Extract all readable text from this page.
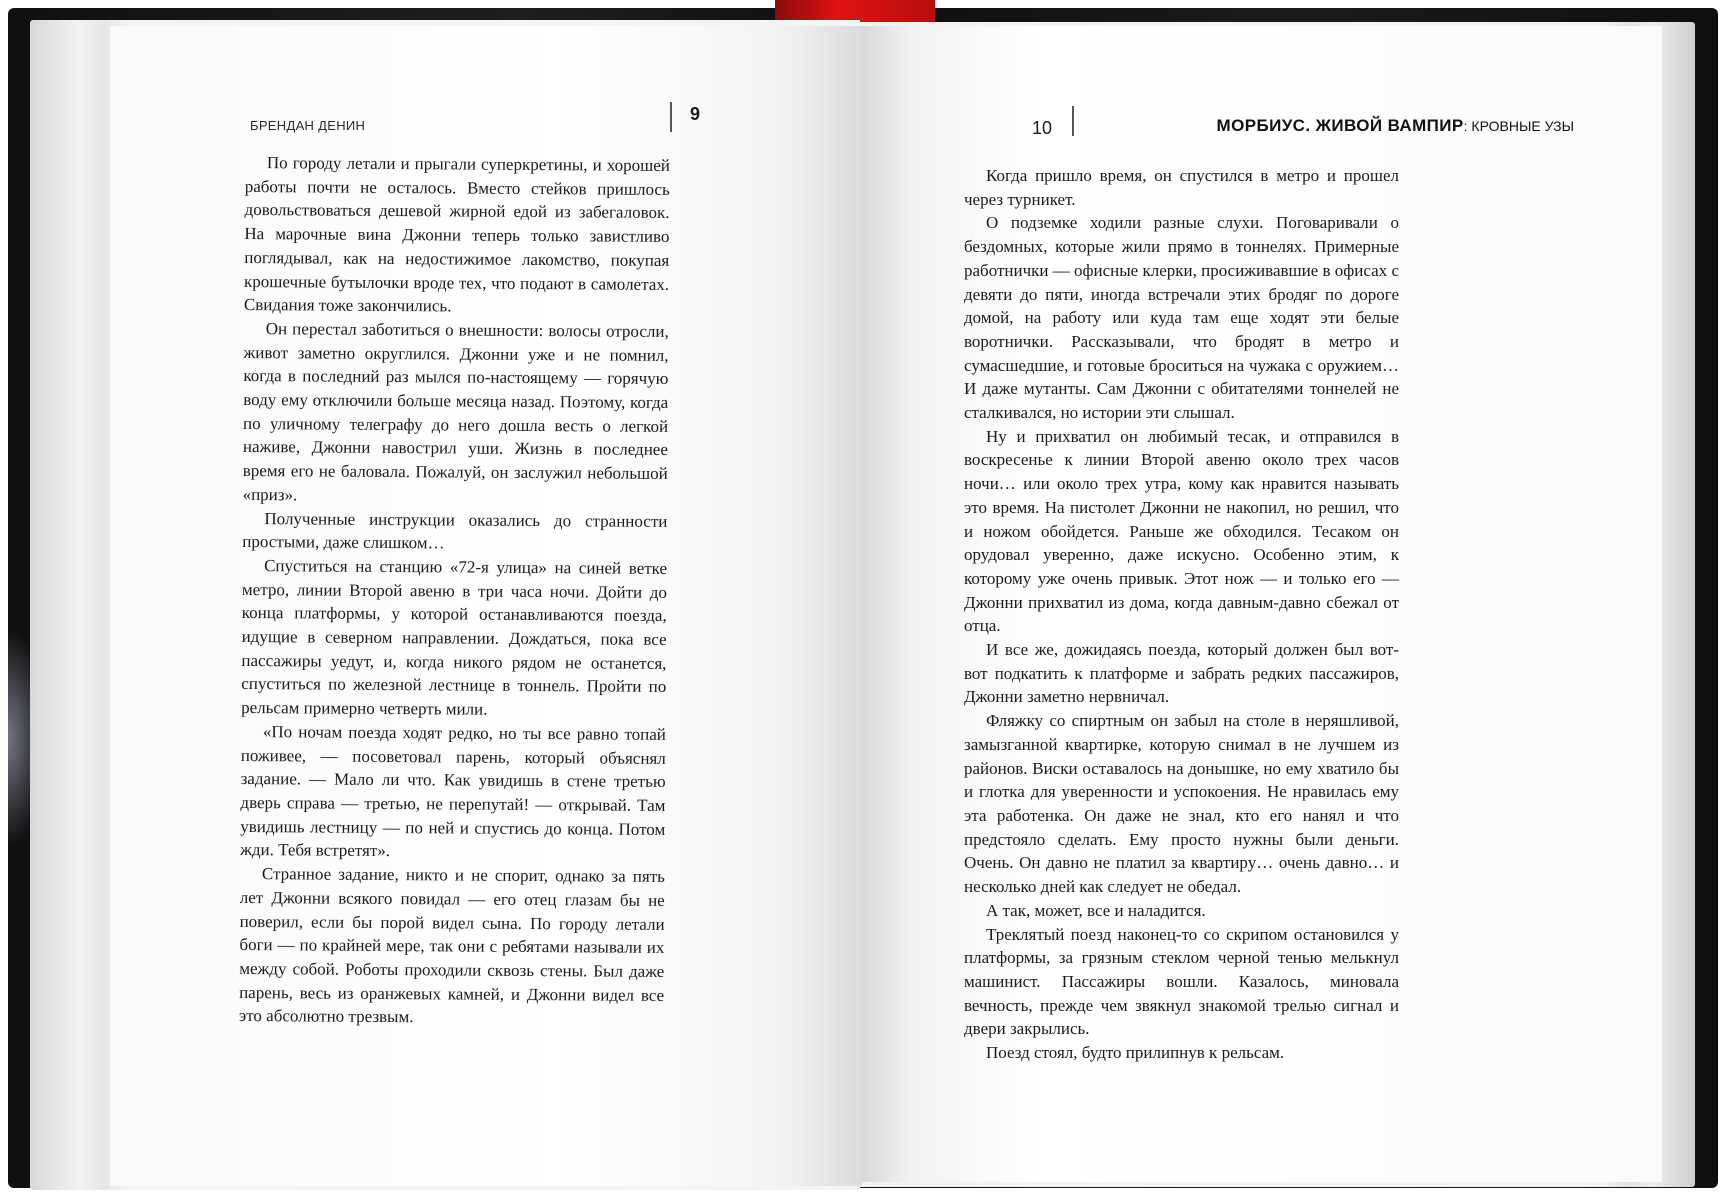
БРЕНДАН ДЕНИН
9

По городу летали и прыгали суперкретины, и хорошей работы почти не осталось. Вместо стейков пришлось довольствоваться дешевой жирной едой из забегаловок. На марочные вина Джонни теперь только завистливо поглядывал, как на недостижимое лакомство, покупая крошечные бутылочки вроде тех, что подают в самолетах. Свидания тоже закончились.

Он перестал заботиться о внешности: волосы отросли, живот заметно округлился. Джонни уже и не помнил, когда в последний раз мылся по-настоящему — горячую воду ему отключили больше месяца назад. Поэтому, когда по уличному телеграфу до него дошла весть о легкой наживе, Джонни навострил уши. Жизнь в последнее время его не баловала. Пожалуй, он заслужил небольшой «приз».

Полученные инструкции оказались до странности простыми, даже слишком…

Спуститься на станцию «72-я улица» на синей ветке метро, линии Второй авеню в три часа ночи. Дойти до конца платформы, у которой останавливаются поезда, идущие в северном направлении. Дождаться, пока все пассажиры уедут, и, когда никого рядом не останется, спуститься по железной лестнице в тоннель. Пройти по рельсам примерно четверть мили.

«По ночам поезда ходят редко, но ты все равно топай поживее, — посоветовал парень, который объяснял задание. — Мало ли что. Как увидишь в стене третью дверь справа — третью, не перепутай! — открывай. Там увидишь лестницу — по ней и спустись до конца. Потом жди. Тебя встретят».

Странное задание, никто и не спорит, однако за пять лет Джонни всякого повидал — его отец глазам бы не поверил, если бы порой видел сына. По городу летали боги — по крайней мере, так они с ребятами называли их между собой. Роботы проходили сквозь стены. Был даже парень, весь из оранжевых камней, и Джонни видел все это абсолютно трезвым.

10	МОРБИУС. ЖИВОЙ ВАМПИР: КРОВНЫЕ УЗЫ

Когда пришло время, он спустился в метро и прошел через турникет.

О подземке ходили разные слухи. Поговаривали о бездомных, которые жили прямо в тоннелях. Примерные работнички — офисные клерки, просиживавшие в офисах с девяти до пяти, иногда встречали этих бродяг по дороге домой, на работу или куда там еще ходят эти белые воротнички. Рассказывали, что бродят в метро и сумасшедшие, и готовые броситься на чужака с оружием… И даже мутанты. Сам Джонни с обитателями тоннелей не сталкивался, но истории эти слышал.

Ну и прихватил он любимый тесак, и отправился в воскресенье к линии Второй авеню около трех часов ночи… или около трех утра, кому как нравится называть это время. На пистолет Джонни не накопил, но решил, что и ножом обойдется. Раньше же обходился. Тесаком он орудовал уверенно, даже искусно. Особенно этим, к которому уже очень привык. Этот нож — и только его — Джонни прихватил из дома, когда давным-давно сбежал от отца.

И все же, дожидаясь поезда, который должен был вот-вот подкатить к платформе и забрать редких пассажиров, Джонни заметно нервничал.

Фляжку со спиртным он забыл на столе в неряшливой, замызганной квартирке, которую снимал в не лучшем из районов. Виски оставалось на донышке, но ему хватило бы и глотка для уверенности и успокоения. Не нравилась ему эта работенка. Он даже не знал, кто его нанял и что предстояло сделать. Ему просто нужны были деньги. Очень. Он давно не платил за квартиру… очень давно… и несколько дней как следует не обедал.

А так, может, все и наладится.

Треклятый поезд наконец-то со скрипом остановился у платформы, за грязным стеклом черной тенью мелькнул машинист. Пассажиры вошли. Казалось, миновала вечность, прежде чем звякнул знакомой трелью сигнал и двери закрылись.

Поезд стоял, будто прилипнув к рельсам.
